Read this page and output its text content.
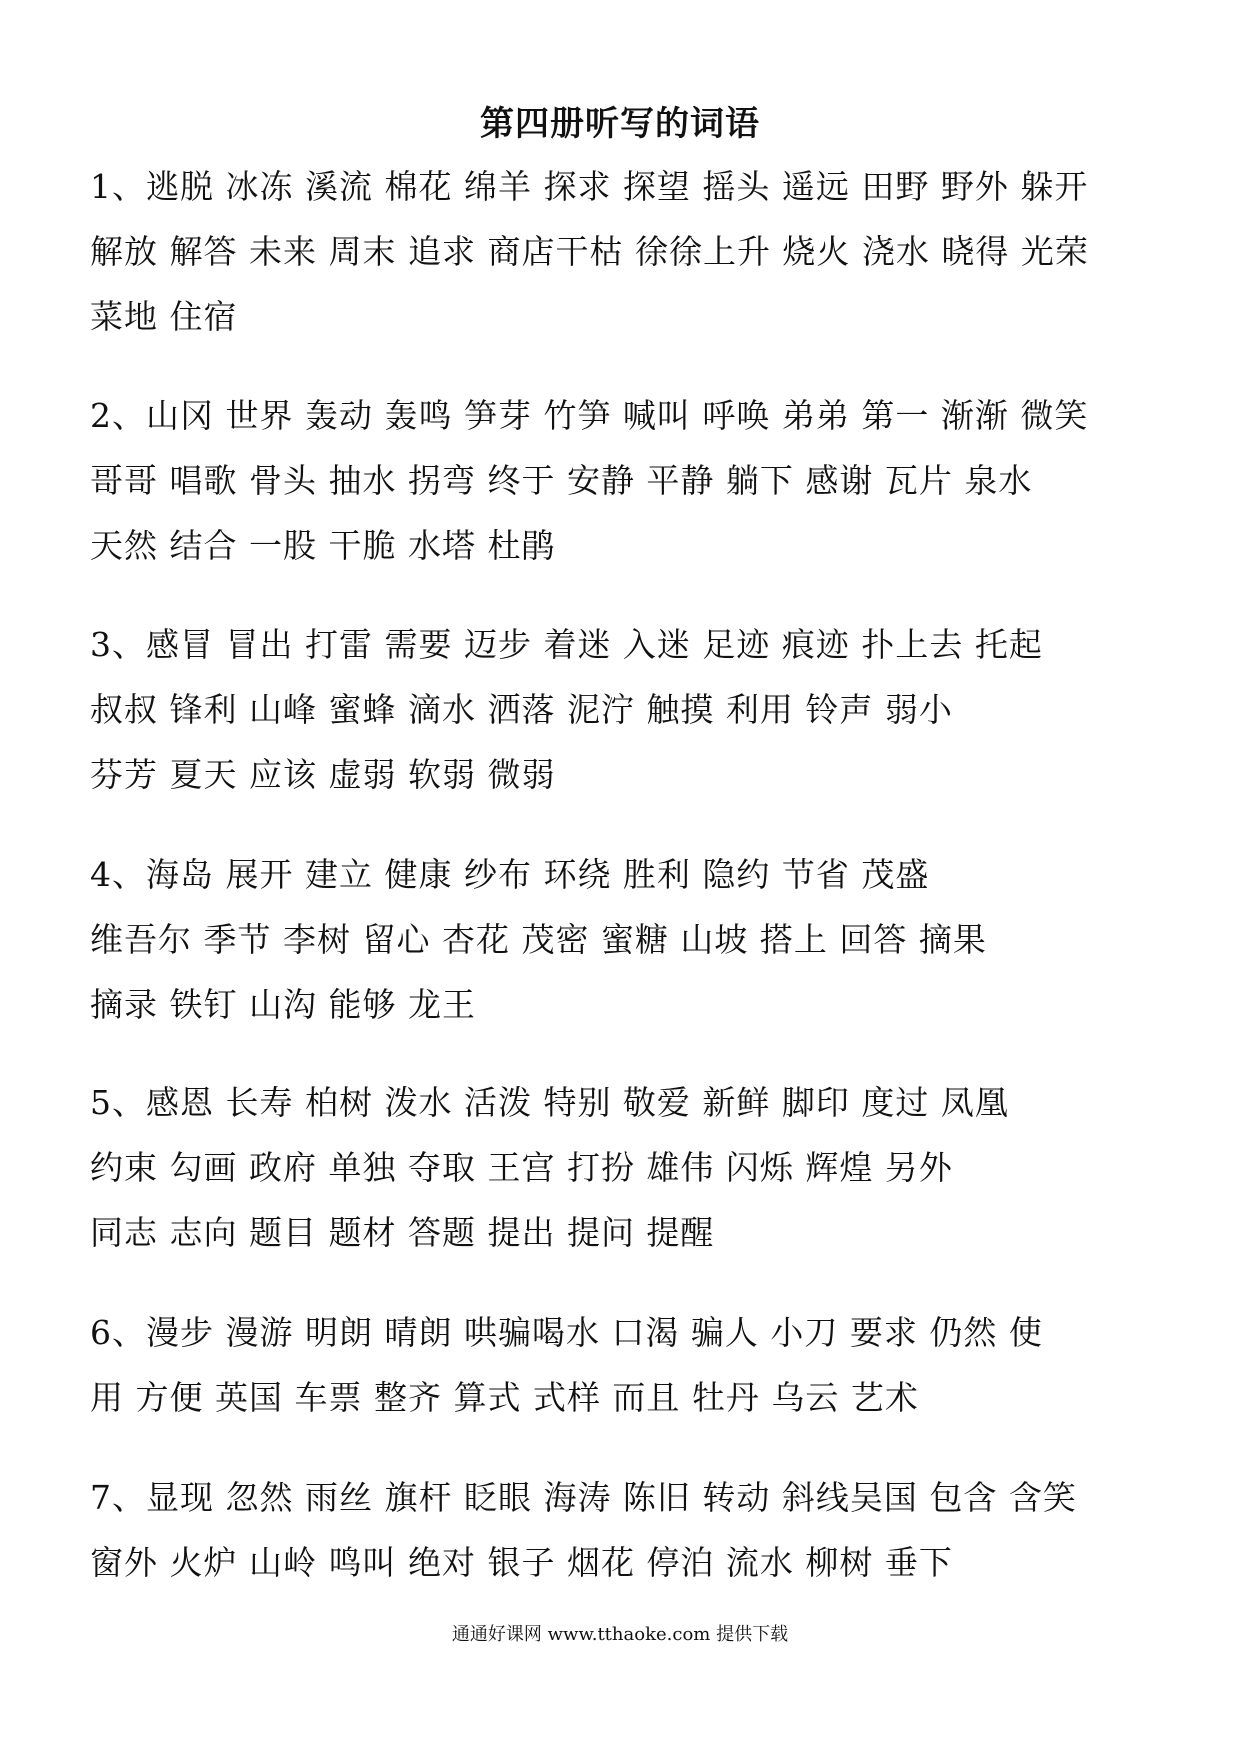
第四册听写的词语
1、逃脱 冰冻 溪流 棉花 绵羊 探求 探望 摇头 遥远 田野 野外 躲开
解放 解答 未来 周末 追求 商店干枯 徐徐上升 烧火 浇水 晓得 光荣
菜地 住宿
2、山冈 世界 轰动 轰鸣 笋芽 竹笋 喊叫 呼唤 弟弟 第一 渐渐 微笑
哥哥 唱歌 骨头 抽水 拐弯 终于 安静 平静 躺下 感谢 瓦片 泉水
天然 结合 一股 干脆 水塔 杜鹃
3、感冒 冒出 打雷 需要 迈步 着迷 入迷 足迹 痕迹 扑上去 托起
叔叔 锋利 山峰 蜜蜂 滴水 洒落 泥泞 触摸 利用 铃声 弱小
芬芳 夏天 应该 虚弱 软弱 微弱
4、海岛 展开 建立 健康 纱布 环绕 胜利 隐约 节省 茂盛
维吾尔 季节 李树 留心 杏花 茂密 蜜糖 山坡 搭上 回答 摘果
摘录 铁钉 山沟 能够 龙王
5、感恩 长寿 柏树 泼水 活泼 特别 敬爱 新鲜 脚印 度过 凤凰
约束 勾画 政府 单独 夺取 王宫 打扮 雄伟 闪烁 辉煌 另外
同志 志向 题目 题材 答题 提出 提问 提醒
6、漫步 漫游 明朗 晴朗 哄骗喝水 口渴 骗人 小刀 要求 仍然 使
用 方便 英国 车票 整齐 算式 式样 而且 牡丹 乌云 艺术
7、显现 忽然 雨丝 旗杆 眨眼 海涛 陈旧 转动 斜线吴国 包含 含笑
窗外 火炉 山岭 鸣叫 绝对 银子 烟花 停泊 流水 柳树 垂下
通通好课网 www.tthaoke.com 提供下载
